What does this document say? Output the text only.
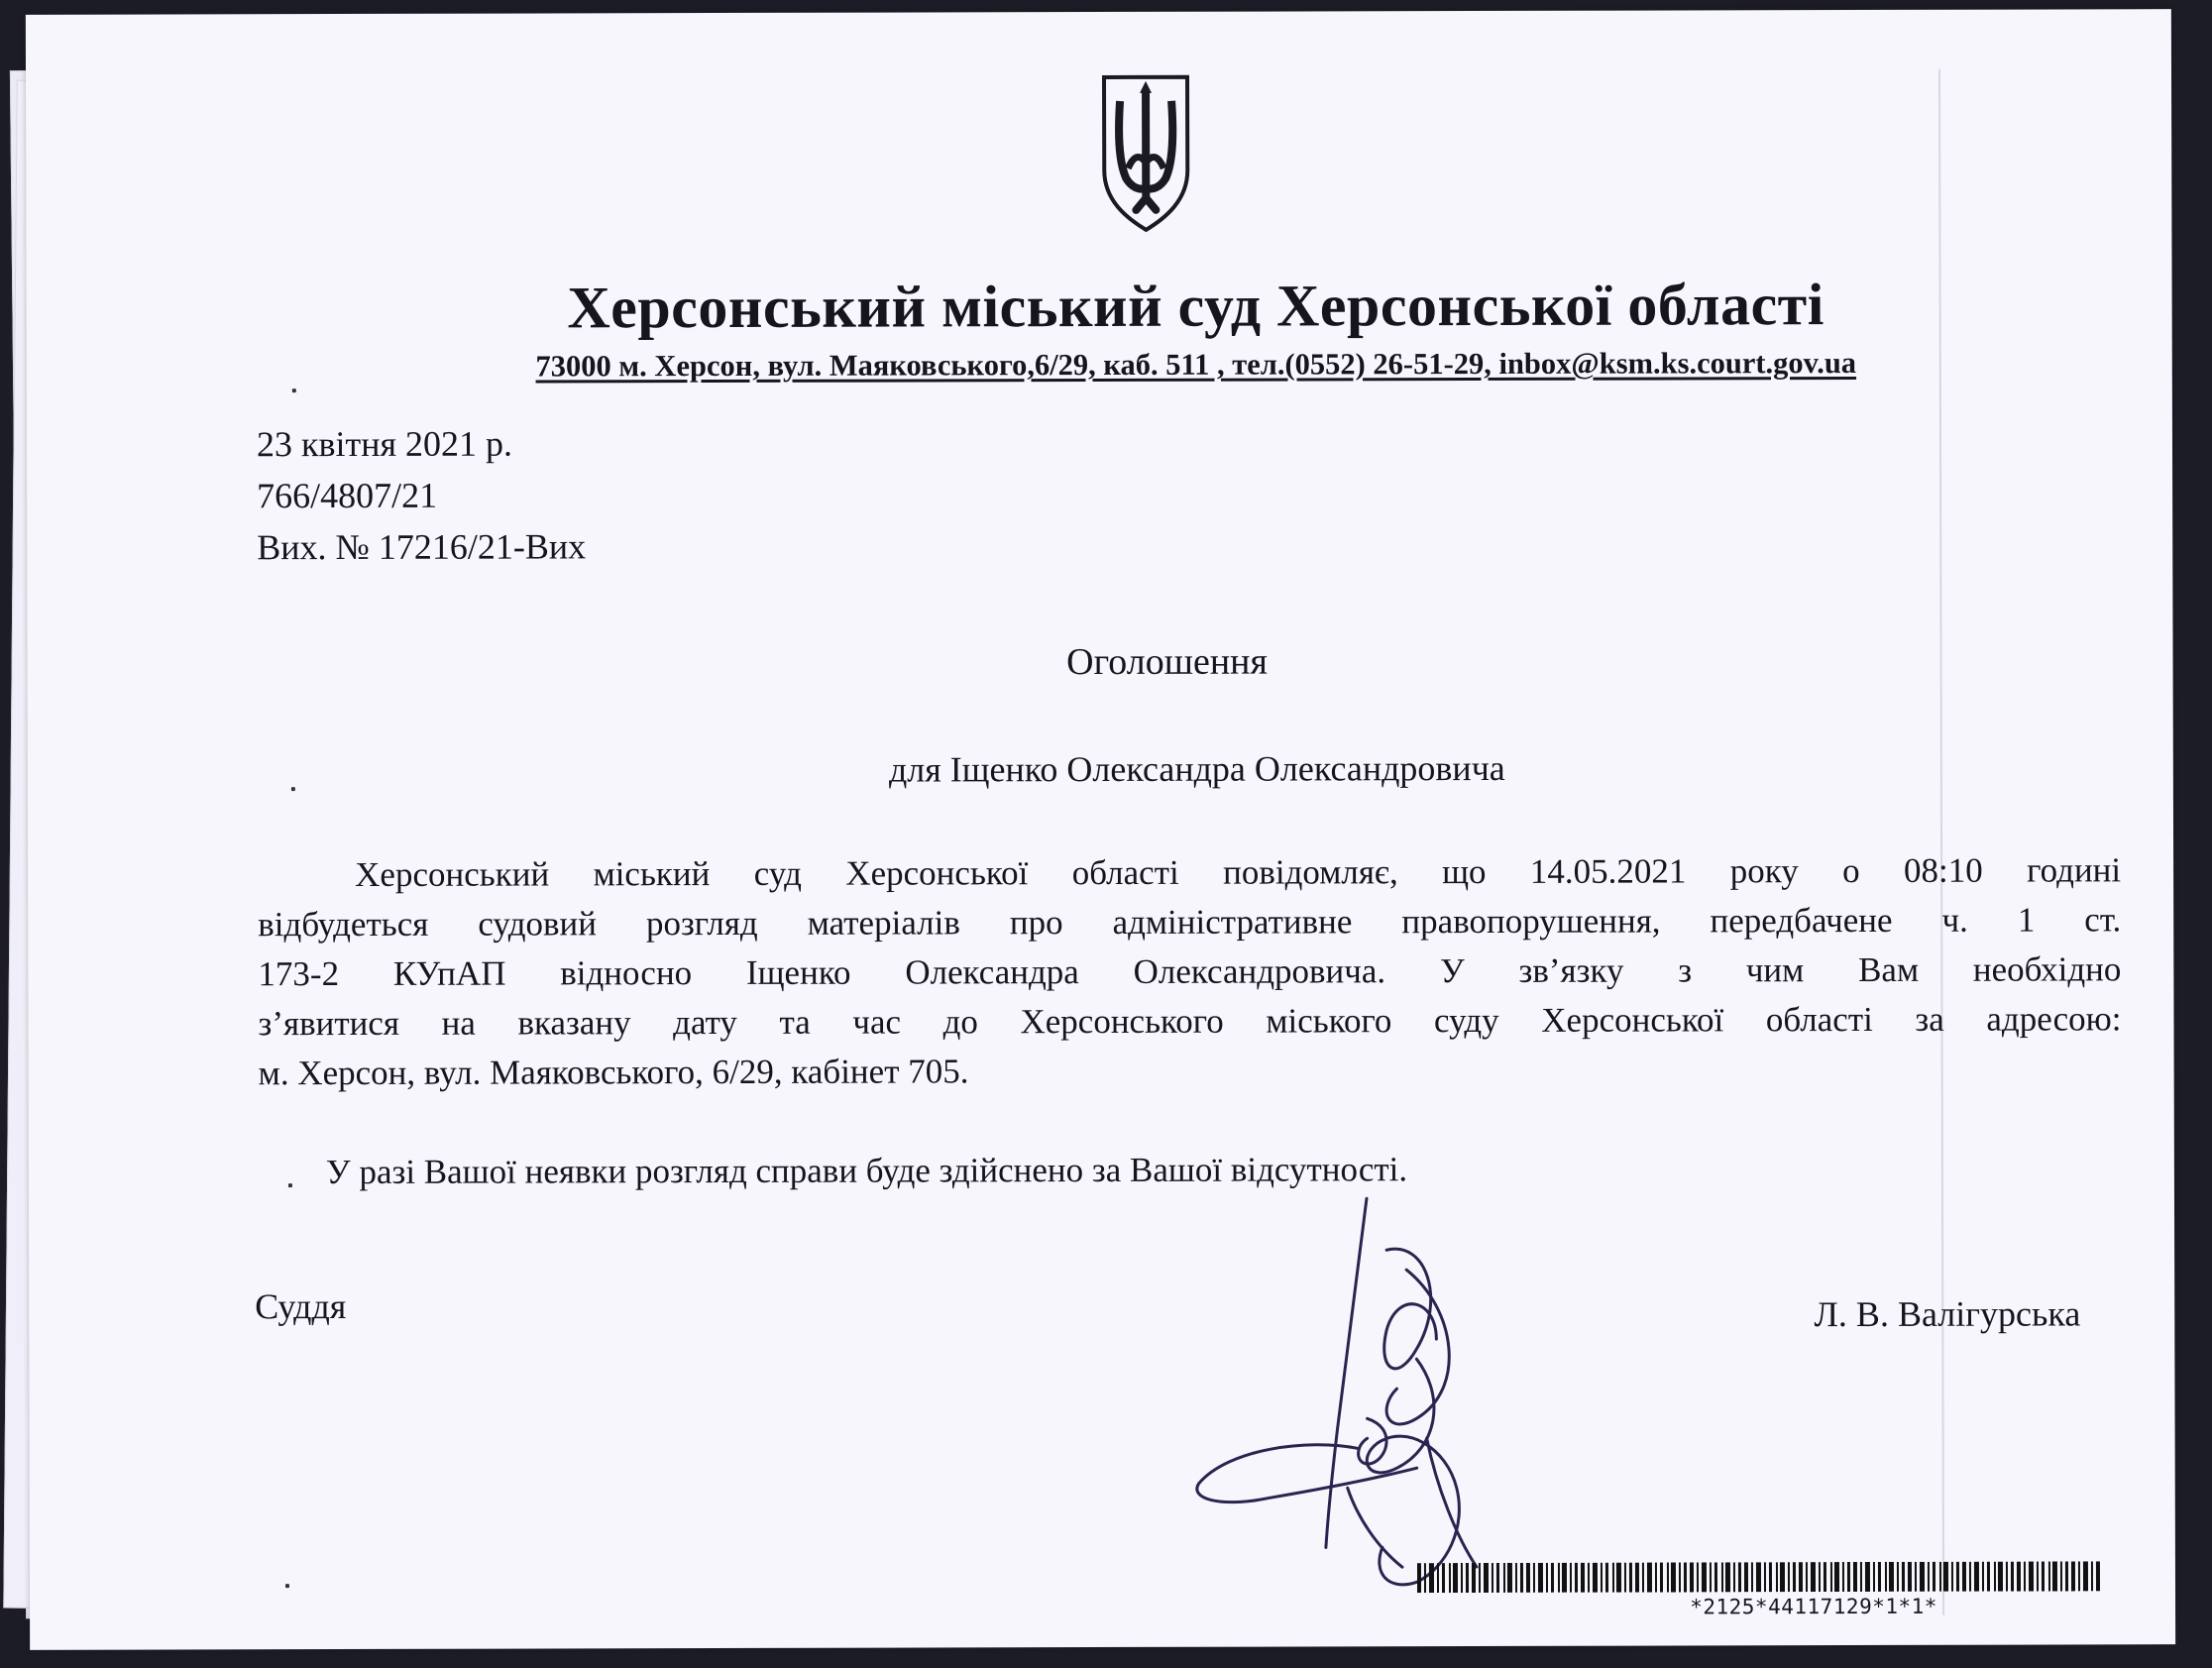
Херсонський міський суд Херсонської області
73000 м. Херсон, вул. Маяковського,6/29, каб. 511 , тел.(0552) 26-51-29, inbox@ksm.ks.court.gov.ua
23 квітня 2021 р.
766/4807/21
Вих. № 17216/21-Вих
Оголошення
для Іщенко Олександра Олександровича
Херсонський міський суд Херсонської області повідомляє, що 14.05.2021 року о 08:10 годині
відбудеться судовий розгляд матеріалів про адміністративне правопорушення, передбачене ч. 1 ст.
173-2 КУпАП відносно Іщенко Олександра Олександровича. У зв’язку з чим Вам необхідно
з’явитися на вказану дату та час до Херсонського міського суду Херсонської області за адресою:
м. Херсон, вул. Маяковського, 6/29, кабінет 705.
У разі Вашої неявки розгляд справи буде здійснено за Вашої відсутності.
Суддя	Л. В. Валігурська
*2125*44117129*1*1*
